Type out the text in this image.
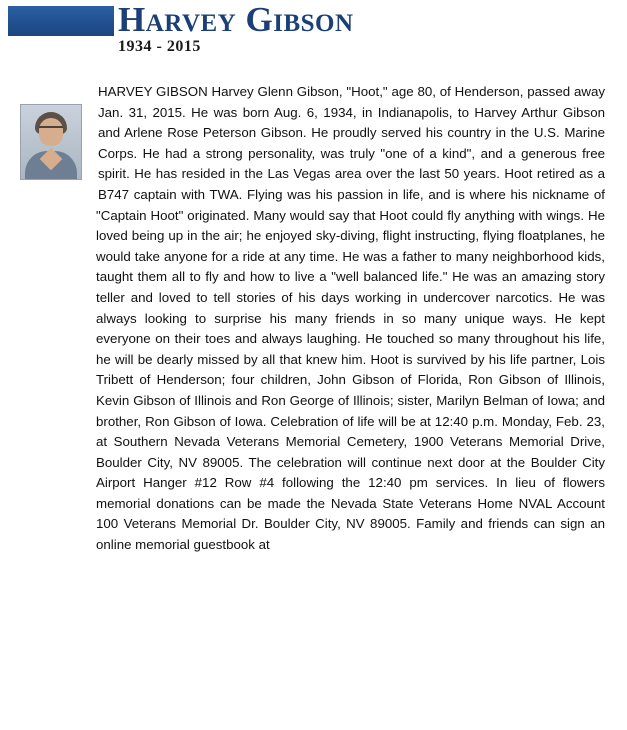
Harvey Gibson
1934 - 2015

HARVEY GIBSON Harvey Glenn Gibson, "Hoot," age 80, of Henderson, passed away Jan. 31, 2015. He was born Aug. 6, 1934, in Indianapolis, to Harvey Arthur Gibson and Arlene Rose Peterson Gibson. He proudly served his country in the U.S. Marine Corps. He had a strong personality, was truly "one of a kind", and a generous free spirit. He has resided in the Las Vegas area over the last 50 years. Hoot retired as a B747 captain with TWA. Flying was his passion in life, and is where his nickname of "Captain Hoot" originated. Many would say that Hoot could fly anything with wings. He loved being up in the air; he enjoyed sky-diving, flight instructing, flying floatplanes, he would take anyone for a ride at any time. He was a father to many neighborhood kids, taught them all to fly and how to live a "well balanced life." He was an amazing story teller and loved to tell stories of his days working in undercover narcotics. He was always looking to surprise his many friends in so many unique ways. He kept everyone on their toes and always laughing. He touched so many throughout his life, he will be dearly missed by all that knew him. Hoot is survived by his life partner, Lois Tribett of Henderson; four children, John Gibson of Florida, Ron Gibson of Illinois, Kevin Gibson of Illinois and Ron George of Illinois; sister, Marilyn Belman of Iowa; and brother, Ron Gibson of Iowa. Celebration of life will be at 12:40 p.m. Monday, Feb. 23, at Southern Nevada Veterans Memorial Cemetery, 1900 Veterans Memorial Drive, Boulder City, NV 89005. The celebration will continue next door at the Boulder City Airport Hanger #12 Row #4 following the 12:40 pm services. In lieu of flowers memorial donations can be made the Nevada State Veterans Home NVAL Account 100 Veterans Memorial Dr. Boulder City, NV 89005. Family and friends can sign an online memorial guestbook at
